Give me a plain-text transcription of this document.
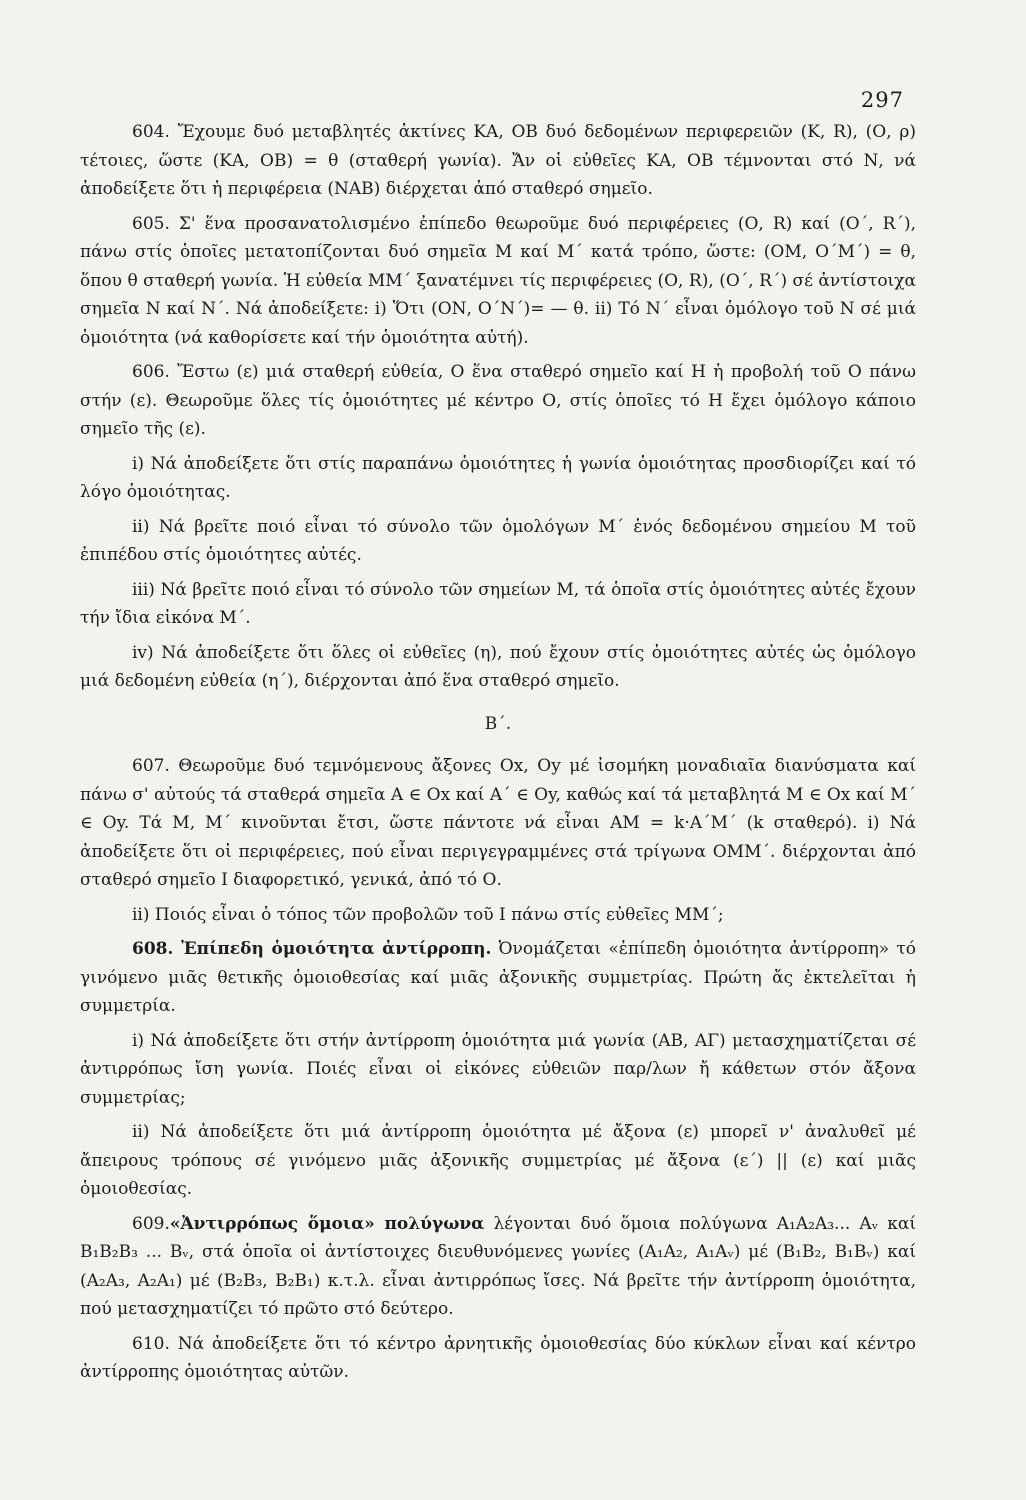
297

604. Ἔχουμε δυό μεταβλητές ἀκτίνες ΚΑ, ΟΒ δυό δεδομένων περιφερειῶν (Κ, R), (Ο, ρ) τέτοιες, ὥστε (ΚΑ, ΟΒ) = θ (σταθερή γωνία). Ἄν οἱ εὐθεῖες ΚΑ, ΟΒ τέμνονται στό Ν, νά ἀποδείξετε ὅτι ἡ περιφέρεια (ΝΑΒ) διέρχεται ἀπό σταθερό σημεῖο.

605. Σ' ἕνα προσανατολισμένο ἐπίπεδο θεωροῦμε δυό περιφέρειες (Ο, R) καί (Ο΄, R΄), πάνω στίς ὁποῖες μετατοπίζονται δυό σημεῖα Μ καί Μ΄ κατά τρόπο, ὥστε: (ΟΜ, Ο΄Μ΄) = θ, ὅπου θ σταθερή γωνία. Ἡ εὐθεία ΜΜ΄ ξανατέμνει τίς περιφέρειες (Ο, R), (Ο΄, R΄) σέ ἀντίστοιχα σημεῖα Ν καί Ν΄. Νά ἀποδείξετε: i) Ὅτι (ΟΝ, Ο΄Ν΄)= — θ. ii) Τό Ν΄ εἶναι ὁμόλογο τοῦ Ν σέ μιά ὁμοιότητα (νά καθορίσετε καί τήν ὁμοιότητα αὐτή).

606. Ἔστω (ε) μιά σταθερή εὐθεία, Ο ἕνα σταθερό σημεῖο καί Η ἡ προβολή τοῦ Ο πάνω στήν (ε). Θεωροῦμε ὅλες τίς ὁμοιότητες μέ κέντρο Ο, στίς ὁποῖες τό Η ἔχει ὁμόλογο κάποιο σημεῖο τῆς (ε).

i) Νά ἀποδείξετε ὅτι στίς παραπάνω ὁμοιότητες ἡ γωνία ὁμοιότητας προσδιορίζει καί τό λόγο ὁμοιότητας.

ii) Νά βρεῖτε ποιό εἶναι τό σύνολο τῶν ὁμολόγων Μ΄ ἑνός δεδομένου σημείου Μ τοῦ ἐπιπέδου στίς ὁμοιότητες αὐτές.

iii) Νά βρεῖτε ποιό εἶναι τό σύνολο τῶν σημείων Μ, τά ὁποῖα στίς ὁμοιότητες αὐτές ἔχουν τήν ἴδια εἰκόνα Μ΄.

iv) Νά ἀποδείξετε ὅτι ὅλες οἱ εὐθεῖες (η), πού ἔχουν στίς ὁμοιότητες αὐτές ὡς ὁμόλογο μιά δεδομένη εὐθεία (η΄), διέρχονται ἀπό ἕνα σταθερό σημεῖο.

Β΄.

607. Θεωροῦμε δυό τεμνόμενους ἄξονες Οx, Οy μέ ἰσομήκη μοναδιαῖα διανύσματα καί πάνω σ' αὐτούς τά σταθερά σημεῖα Α ∈ Οx καί Α΄ ∈ Οy, καθώς καί τά μεταβλητά Μ ∈ Οx καί Μ΄ ∈ Οy. Τά Μ, Μ΄ κινοῦνται ἔτσι, ὥστε πάντοτε νά εἶναι ΑΜ = k·Α΄Μ΄ (k σταθερό). i) Νά ἀποδείξετε ὅτι οἱ περιφέρειες, πού εἶναι περιγεγραμμένες στά τρίγωνα ΟΜΜ΄. διέρχονται ἀπό σταθερό σημεῖο Ι διαφορετικό, γενικά, ἀπό τό Ο.

ii) Ποιός εἶναι ὁ τόπος τῶν προβολῶν τοῦ Ι πάνω στίς εὐθεῖες ΜΜ΄;

608. Ἐπίπεδη ὁμοιότητα ἀντίρροπη. Ὀνομάζεται «ἐπίπεδη ὁμοιότητα ἀντίρροπη» τό γινόμενο μιᾶς θετικῆς ὁμοιοθεσίας καί μιᾶς ἀξονικῆς συμμετρίας. Πρώτη ἄς ἐκτελεῖται ἡ συμμετρία.

i) Νά ἀποδείξετε ὅτι στήν ἀντίρροπη ὁμοιότητα μιά γωνία (ΑΒ, ΑΓ) μετασχηματίζεται σέ ἀντιρρόπως ἴση γωνία. Ποιές εἶναι οἱ εἰκόνες εὐθειῶν παρ/λων ἤ κάθετων στόν ἄξονα συμμετρίας;

ii) Νά ἀποδείξετε ὅτι μιά ἀντίρροπη ὁμοιότητα μέ ἄξονα (ε) μπορεῖ ν' ἀναλυθεῖ μέ ἄπειρους τρόπους σέ γινόμενο μιᾶς ἀξονικῆς συμμετρίας μέ ἄξονα (ε΄) || (ε) καί μιᾶς ὁμοιοθεσίας.

609.«Ἀντιρρόπως ὅμοια» πολύγωνα λέγονται δυό ὅμοια πολύγωνα Α₁Α₂Α₃... Αᵥ καί Β₁Β₂Β₃ ... Βᵥ, στά ὁποῖα οἱ ἀντίστοιχες διευθυνόμενες γωνίες (Α₁Α₂, Α₁Αᵥ) μέ (Β₁Β₂, Β₁Βᵥ) καί (Α₂Α₃, Α₂Α₁) μέ (Β₂Β₃, Β₂Β₁) κ.τ.λ. εἶναι ἀντιρρόπως ἴσες. Νά βρεῖτε τήν ἀντίρροπη ὁμοιότητα, πού μετασχηματίζει τό πρῶτο στό δεύτερο.

610. Νά ἀποδείξετε ὅτι τό κέντρο ἀρνητικῆς ὁμοιοθεσίας δύο κύκλων εἶναι καί κέντρο ἀντίρροπης ὁμοιότητας αὐτῶν.
